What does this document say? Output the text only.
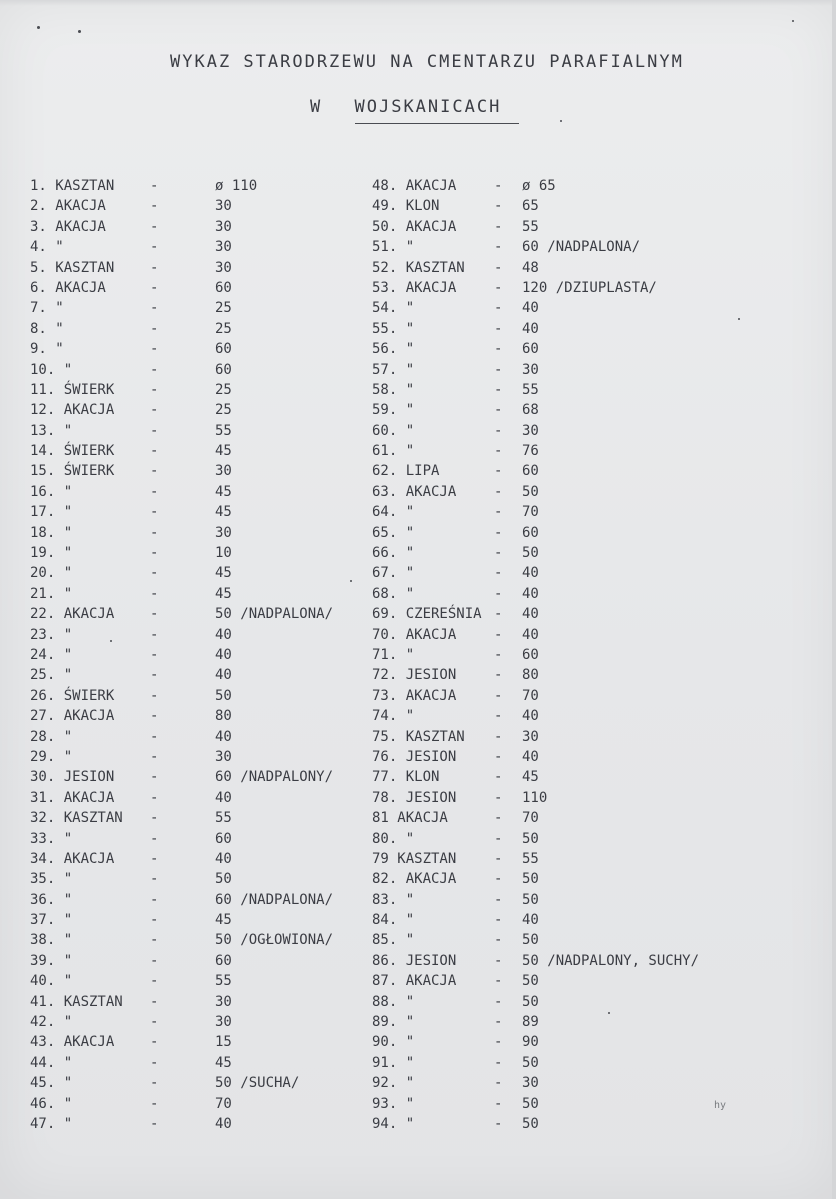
WYKAZ STARODRZEWU NA CMENTARZU PARAFIALNYM
W WOJSKANICACH
1. KASZTAN	-	ø 110
2. AKACJA	-	30
3. AKACJA	-	30
4. "	-	30
5. KASZTAN	-	30
6. AKACJA	-	60
7. "	-	25
8. "	-	25
9. "	-	60
10. "	-	60
11. ŚWIERK	-	25
12. AKACJA	-	25
13. "	-	55
14. ŚWIERK	-	45
15. ŚWIERK	-	30
16. "	-	45
17. "	-	45
18. "	-	30
19. "	-	10
20. "	-	45
21. "	-	45
22. AKACJA	-	50 /NADPALONA/
23. "	-	40
24. "	-	40
25. "	-	40
26. ŚWIERK	-	50
27. AKACJA	-	80
28. "	-	40
29. "	-	30
30. JESION	-	60 /NADPALONY/
31. AKACJA	-	40
32. KASZTAN -	55
33. "	-	60
34. AKACJA	-	40
35. "	-	50
36. "	-	60 /NADPALONA/
37. "	-	45
38. "	-	50 /OGŁOWIONA/
39. "	-	60
40. "	-	55
41. KASZTAN -	30
42. "	-	30
43. AKACJA	-	15
44. "	-	45
45. "	-	50 /SUCHA/
46. "	-	70
47. "	-	40
48. AKACJA	- ø 65
49. KLON	- 65
50. AKACJA	- 55
51. "	- 60 /NADPALONA/
52. KASZTAN - 48
53. AKACJA	- 120 /DZIUPLASTA/
54. "	- 40
55. "	- 40
56. "	- 60
57. "	- 30
58. "	- 55
59. "	- 68
60. "	- 30
61. "	- 76
62. LIPA	- 60
63. AKACJA	- 50
64. "	- 70
65. "	- 60
66. "	- 50
67. "	- 40
68. "	- 40
69. CZEREŚNIA - 40
70. AKACJA	- 40
71. "	- 60
72. JESION	- 80
73. AKACJA	- 70
74. "	- 40
75. KASZTAN - 30
76. JESION	- 40
77. KLON	- 45
78. JESION	- 110
81 AKACJA	- 70
80. "	- 50
79 KASZTAN	- 55
82. AKACJA	- 50
83. "	- 50
84. "	- 40
85. "	- 50
86. JESION	- 50 /NADPALONY, SUCHY/
87. AKACJA	- 50
88. "	- 50
89. "	- 89
90. "	- 90
91. "	- 50
92. "	- 30
93. "	- 50
94. "	- 50
hy
